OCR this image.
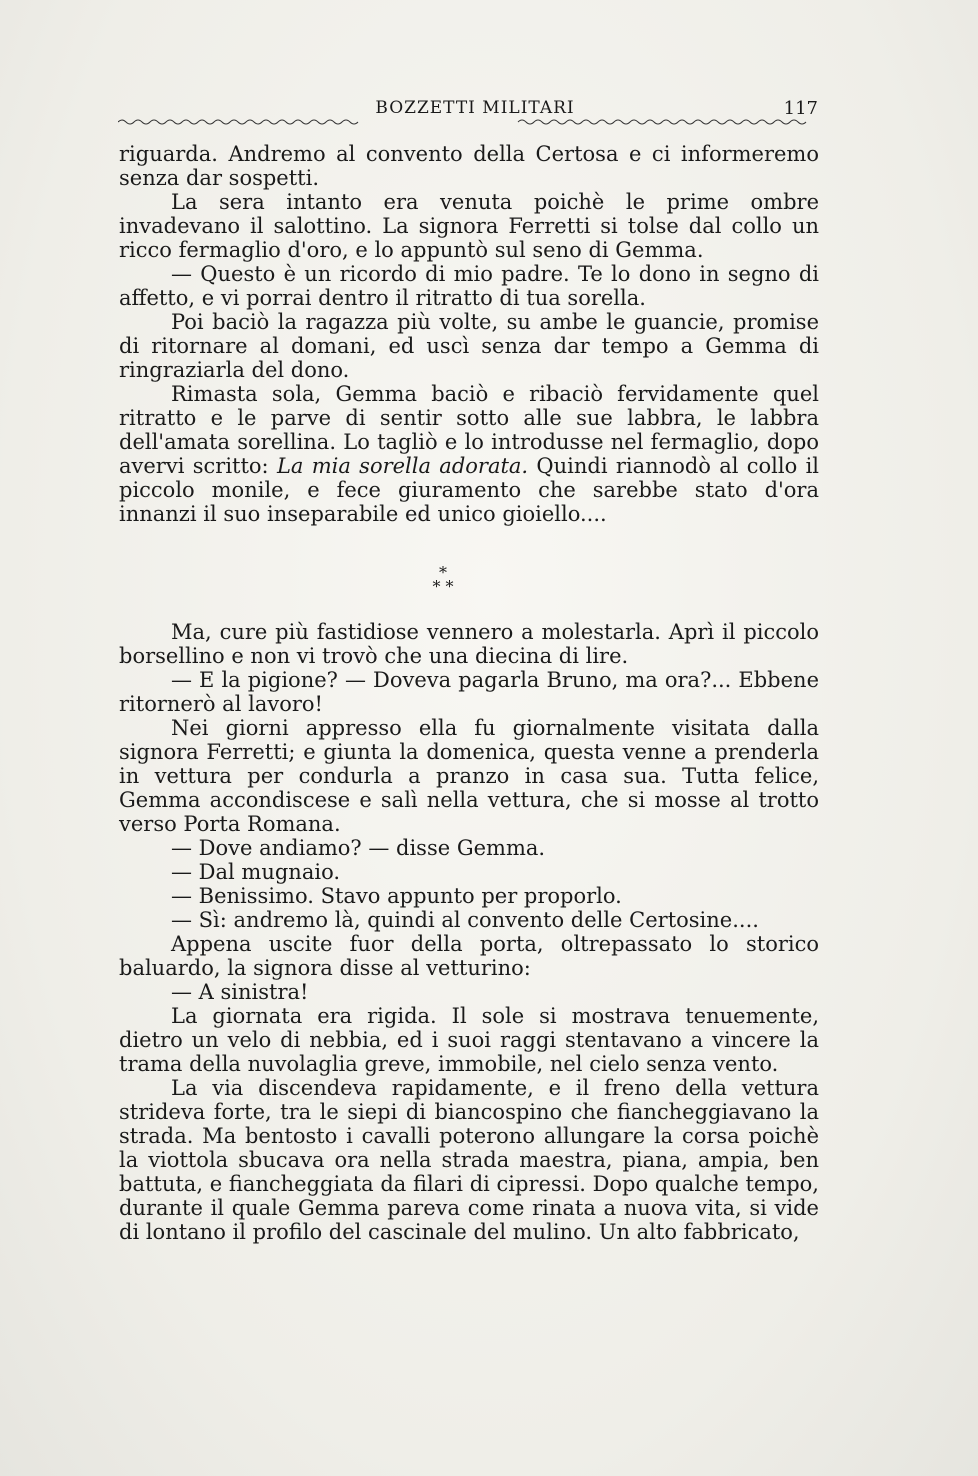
BOZZETTI MILITARI	117

riguarda. Andremo al convento della Certosa e ci informeremo senza dar sospetti.

La sera intanto era venuta poichè le prime ombre invadevano il salottino. La signora Ferretti si tolse dal collo un ricco fermaglio d'oro, e lo appuntò sul seno di Gemma.

— Questo è un ricordo di mio padre. Te lo dono in segno di affetto, e vi porrai dentro il ritratto di tua sorella.

Poi baciò la ragazza più volte, su ambe le guancie, promise di ritornare al domani, ed uscì senza dar tempo a Gemma di ringraziarla del dono.

Rimasta sola, Gemma baciò e ribaciò fervidamente quel ritratto e le parve di sentir sotto alle sue labbra, le labbra dell'amata sorellina. Lo tagliò e lo introdusse nel fermaglio, dopo avervi scritto: La mia sorella adorata. Quindi riannodò al collo il piccolo monile, e fece giuramento che sarebbe stato d'ora innanzi il suo inseparabile ed unico gioiello....

*
* *

Ma, cure più fastidiose vennero a molestarla. Aprì il piccolo borsellino e non vi trovò che una diecina di lire.

— E la pigione? — Doveva pagarla Bruno, ma ora?... Ebbene ritornerò al lavoro!

Nei giorni appresso ella fu giornalmente visitata dalla signora Ferretti; e giunta la domenica, questa venne a prenderla in vettura per condurla a pranzo in casa sua. Tutta felice, Gemma accondiscese e salì nella vettura, che si mosse al trotto verso Porta Romana.

— Dove andiamo? — disse Gemma.

— Dal mugnaio.

— Benissimo. Stavo appunto per proporlo.

— Sì: andremo là, quindi al convento delle Certosine....

Appena uscite fuor della porta, oltrepassato lo storico baluardo, la signora disse al vetturino:

— A sinistra!

La giornata era rigida. Il sole si mostrava tenuemente, dietro un velo di nebbia, ed i suoi raggi stentavano a vincere la trama della nuvolaglia greve, immobile, nel cielo senza vento.

La via discendeva rapidamente, e il freno della vettura strideva forte, tra le siepi di biancospino che fiancheggiavano la strada. Ma bentosto i cavalli poterono allungare la corsa poichè la viottola sbucava ora nella strada maestra, piana, ampia, ben battuta, e fiancheggiata da filari di cipressi. Dopo qualche tempo, durante il quale Gemma pareva come rinata a nuova vita, si vide di lontano il profilo del cascinale del mulino. Un alto fabbricato,
